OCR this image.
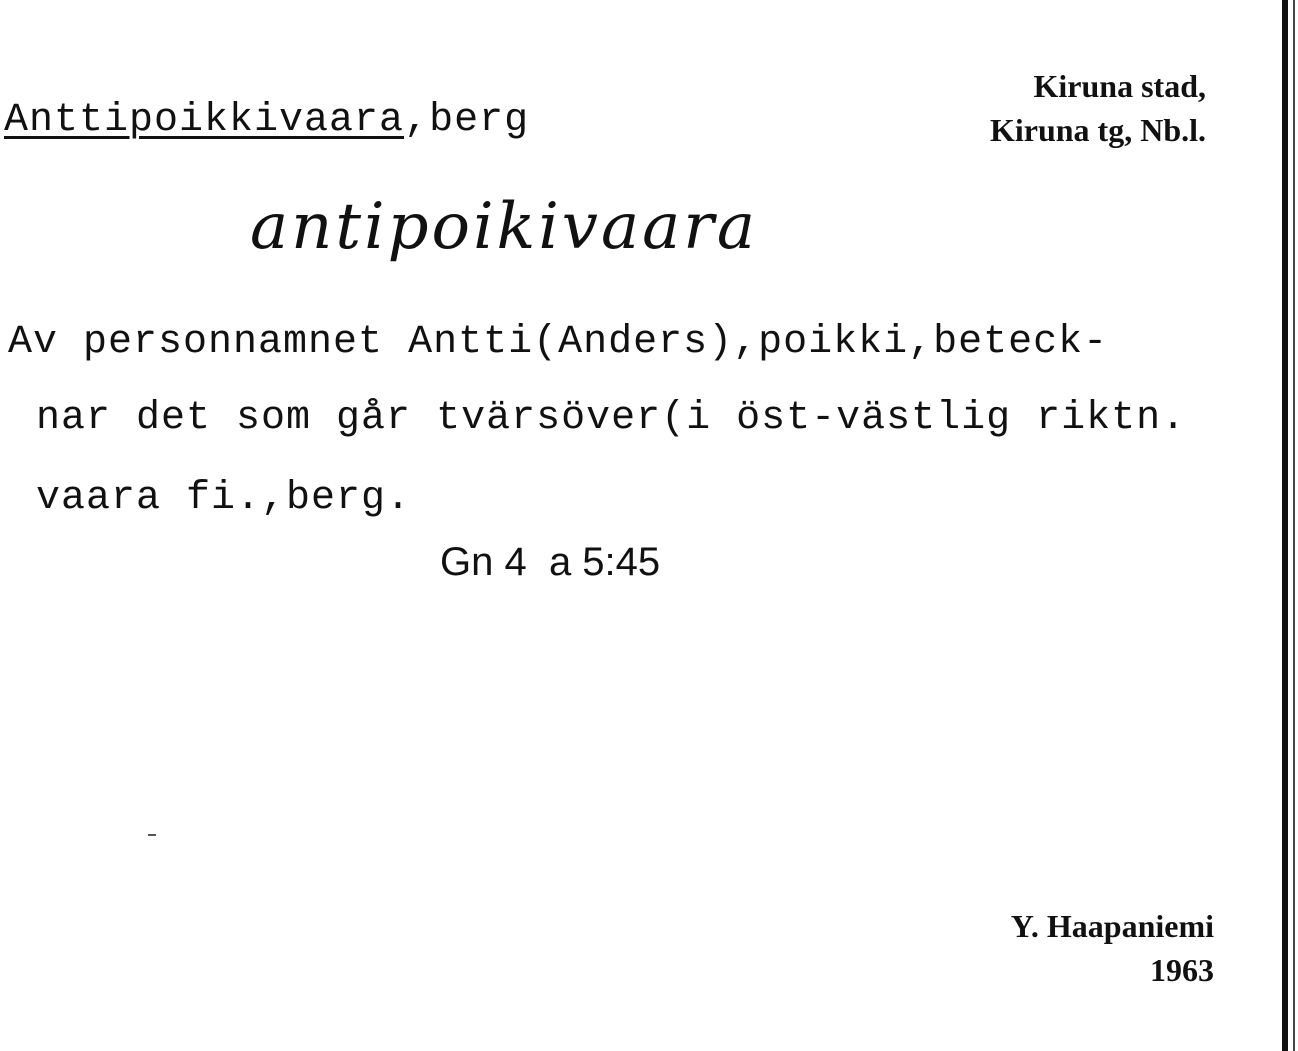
Anttipoikkivaara,berg

Kiruna stad,

Kiruna tg, Nb.l.

antipoikivaara

Av personnamnet Antti(Anders),poikki,beteck-

nar det som går tvärsöver(i öst-västlig riktn.

vaara fi.,berg.

Gn 4  a 5:45

Y. Haapaniemi

1963
